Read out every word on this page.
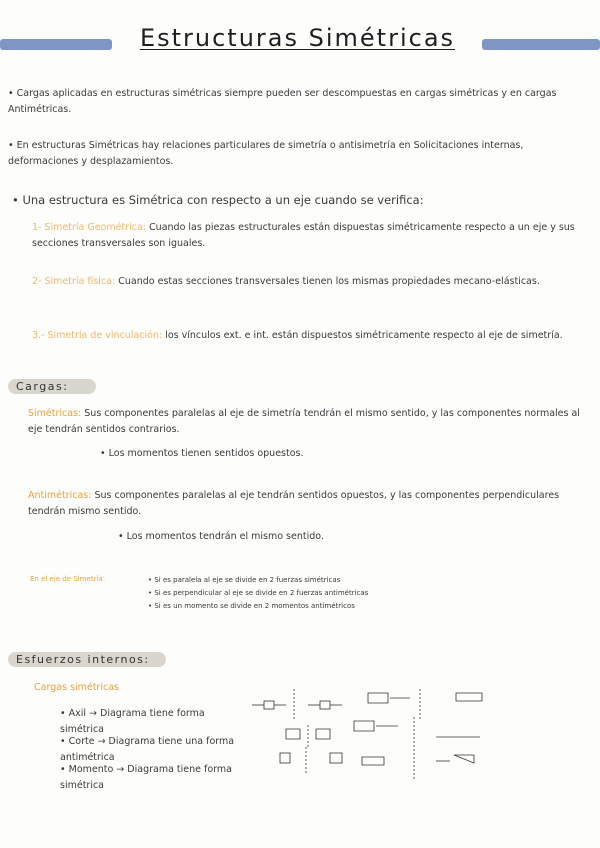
Estructuras Simétricas
• Cargas aplicadas en estructuras simétricas siempre pueden ser descompuestas en cargas simétricas y en cargas Antimétricas.
• En estructuras Simétricas hay relaciones particulares de simetría o antisimetría en Solicitaciones internas, deformaciones y desplazamientos.
• Una estructura es Simétrica con respecto a un eje cuando se verifica:
1- Simetría Geométrica: Cuando las piezas estructurales están dispuestas simétricamente respecto a un eje y sus secciones transversales son iguales.
2- Simetría física: Cuando estas secciones transversales tienen los mismas propiedades mecano-elásticas.
3.- Simetría de vinculación: los vínculos ext. e int. están dispuestos simétricamente respecto al eje de simetría.
Cargas:
Simétricas: Sus componentes paralelas al eje de simetría tendrán el mismo sentido, y las componentes normales al eje tendrán sentidos contrarios.
• Los momentos tienen sentidos opuestos.
Antimétricas: Sus componentes paralelas al eje tendrán sentidos opuestos, y las componentes perpendiculares tendrán mismo sentido.
• Los momentos tendrán el mismo sentido.
En el eje de Simetría:	• Si es paralela al eje se divide en 2 fuerzas simétricas
• Si es perpendicular al eje se divide en 2 fuerzas antimétricas
• Si es un momento se divide en 2 momentos antimétricos
Esfuerzos internos:
Cargas simétricas
• Axil → Diagrama tiene forma simétrica
• Corte → Diagrama tiene una forma antimétrica
• Momento → Diagrama tiene forma simétrica
